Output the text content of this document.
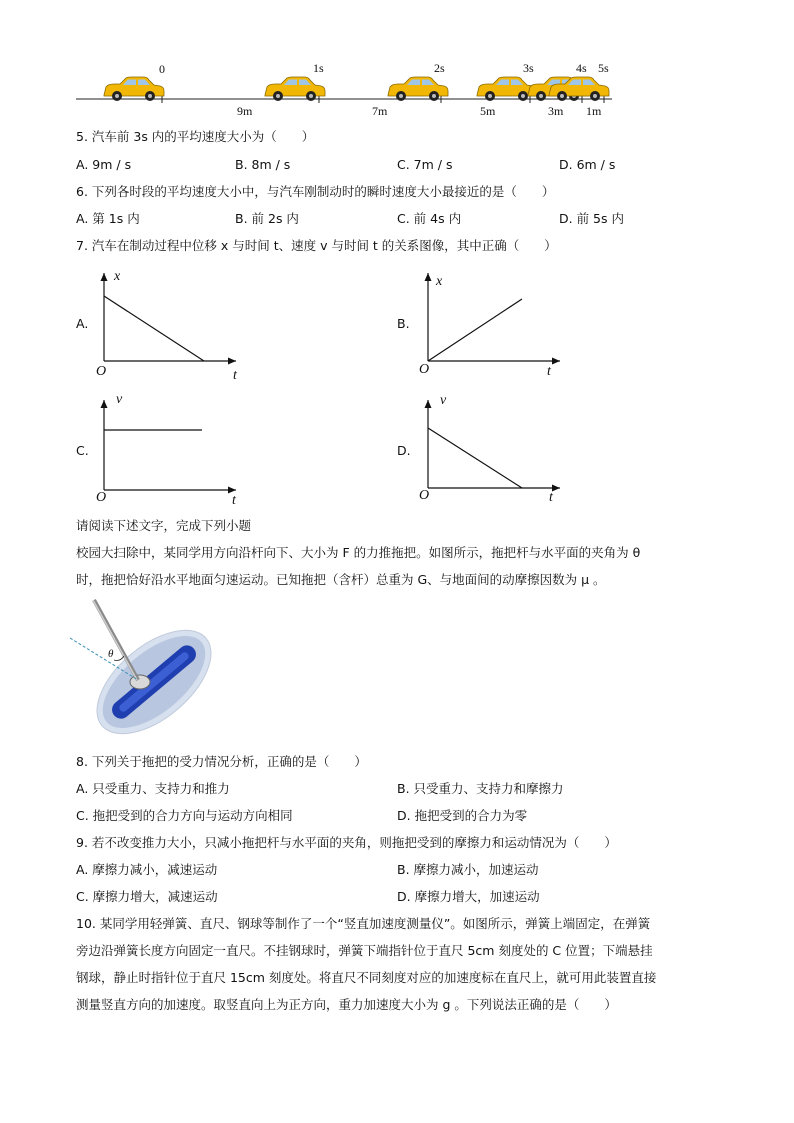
0	1s	2s	3s	4s 5s
9m	7m	5m	3m 1m
5. 汽车前 3s 内的平均速度大小为（　　）
A. 9m / s	B. 8m / s	C. 7m / s	D. 6m / s
6. 下列各时段的平均速度大小中，与汽车刚制动时的瞬时速度大小最接近的是（　　）
A. 第 1s 内	B. 前 2s 内	C. 前 4s 内	D. 前 5s 内
7. 汽车在制动过程中位移 x 与时间 t、速度 v 与时间 t 的关系图像，其中正确（　　）
A.
x
O	t
B.
x
O	t
C.
v
O	t
D.
v
O	t
请阅读下述文字，完成下列小题
校园大扫除中，某同学用方向沿杆向下、大小为 F 的力推拖把。如图所示，拖把杆与水平面的夹角为 θ
时，拖把恰好沿水平地面匀速运动。已知拖把（含杆）总重为 G、与地面间的动摩擦因数为 μ 。
θ
8. 下列关于拖把的受力情况分析，正确的是（　　）
A. 只受重力、支持力和推力	B. 只受重力、支持力和摩擦力
C. 拖把受到的合力方向与运动方向相同	D. 拖把受到的合力为零
9. 若不改变推力大小，只减小拖把杆与水平面的夹角，则拖把受到的摩擦力和运动情况为（　　）
A. 摩擦力减小，减速运动	B. 摩擦力减小，加速运动
C. 摩擦力增大，减速运动	D. 摩擦力增大，加速运动
10. 某同学用轻弹簧、直尺、钢球等制作了一个“竖直加速度测量仪”。如图所示，弹簧上端固定，在弹簧
旁边沿弹簧长度方向固定一直尺。不挂钢球时，弹簧下端指针位于直尺 5cm 刻度处的 C 位置；下端悬挂
钢球，静止时指针位于直尺 15cm 刻度处。将直尺不同刻度对应的加速度标在直尺上，就可用此装置直接
测量竖直方向的加速度。取竖直向上为正方向，重力加速度大小为 g 。下列说法正确的是（　　）
